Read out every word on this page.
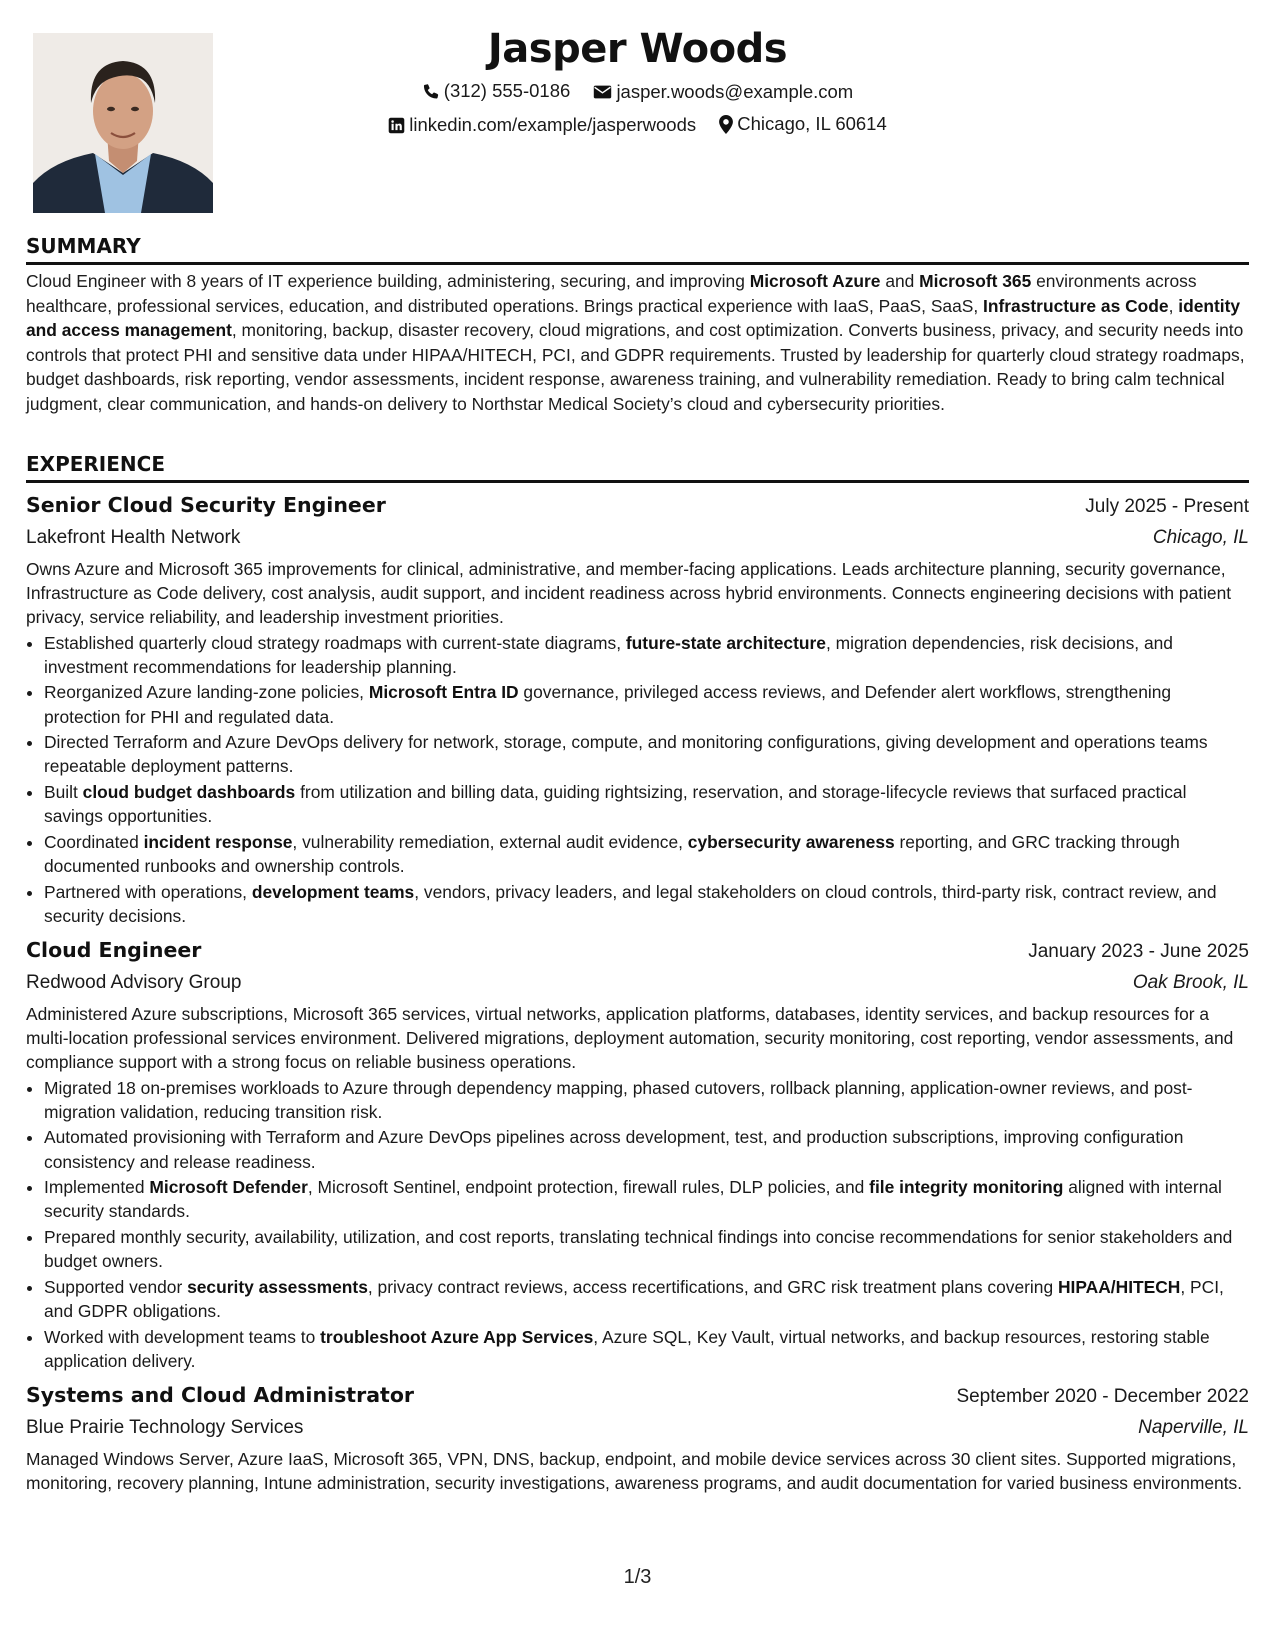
Jasper Woods
(312) 555-0186
jasper.woods@example.com
linkedin.com/example/jasperwoods
Chicago, IL 60614
SUMMARY

Cloud Engineer with 8 years of IT experience building, administering, securing, and improving Microsoft Azure and Microsoft 365 environments across healthcare, professional services, education, and distributed operations. Brings practical experience with IaaS, PaaS, SaaS, Infrastructure as Code, identity and access management, monitoring, backup, disaster recovery, cloud migrations, and cost optimization. Converts business, privacy, and security needs into controls that protect PHI and sensitive data under HIPAA/HITECH, PCI, and GDPR requirements. Trusted by leadership for quarterly cloud strategy roadmaps, budget dashboards, risk reporting, vendor assessments, incident response, awareness training, and vulnerability remediation. Ready to bring calm technical judgment, clear communication, and hands-on delivery to Northstar Medical Society’s cloud and cybersecurity priorities.

EXPERIENCE
Senior Cloud Security Engineer	July 2025 - Present
Lakefront Health Network	Chicago, IL
Owns Azure and Microsoft 365 improvements for clinical, administrative, and member-facing applications. Leads architecture planning, security governance, Infrastructure as Code delivery, cost analysis, audit support, and incident readiness across hybrid environments. Connects engineering decisions with patient privacy, service reliability, and leadership investment priorities.
• Established quarterly cloud strategy roadmaps with current-state diagrams, future-state architecture, migration dependencies, risk decisions, and investment recommendations for leadership planning.
• Reorganized Azure landing-zone policies, Microsoft Entra ID governance, privileged access reviews, and Defender alert workflows, strengthening protection for PHI and regulated data.
• Directed Terraform and Azure DevOps delivery for network, storage, compute, and monitoring configurations, giving development and operations teams repeatable deployment patterns.
• Built cloud budget dashboards from utilization and billing data, guiding rightsizing, reservation, and storage-lifecycle reviews that surfaced practical savings opportunities.
• Coordinated incident response, vulnerability remediation, external audit evidence, cybersecurity awareness reporting, and GRC tracking through documented runbooks and ownership controls.
• Partnered with operations, development teams, vendors, privacy leaders, and legal stakeholders on cloud controls, third-party risk, contract review, and security decisions.
Cloud Engineer	January 2023 - June 2025
Redwood Advisory Group	Oak Brook, IL
Administered Azure subscriptions, Microsoft 365 services, virtual networks, application platforms, databases, identity services, and backup resources for a multi-location professional services environment. Delivered migrations, deployment automation, security monitoring, cost reporting, vendor assessments, and compliance support with a strong focus on reliable business operations.
• Migrated 18 on-premises workloads to Azure through dependency mapping, phased cutovers, rollback planning, application-owner reviews, and post-migration validation, reducing transition risk.
• Automated provisioning with Terraform and Azure DevOps pipelines across development, test, and production subscriptions, improving configuration consistency and release readiness.
• Implemented Microsoft Defender, Microsoft Sentinel, endpoint protection, firewall rules, DLP policies, and file integrity monitoring aligned with internal security standards.
• Prepared monthly security, availability, utilization, and cost reports, translating technical findings into concise recommendations for senior stakeholders and budget owners.
• Supported vendor security assessments, privacy contract reviews, access recertifications, and GRC risk treatment plans covering HIPAA/HITECH, PCI, and GDPR obligations.
• Worked with development teams to troubleshoot Azure App Services, Azure SQL, Key Vault, virtual networks, and backup resources, restoring stable application delivery.
Systems and Cloud Administrator	September 2020 - December 2022
Blue Prairie Technology Services	Naperville, IL
Managed Windows Server, Azure IaaS, Microsoft 365, VPN, DNS, backup, endpoint, and mobile device services across 30 client sites. Supported migrations, monitoring, recovery planning, Intune administration, security investigations, awareness programs, and audit documentation for varied business environments.
1/3
